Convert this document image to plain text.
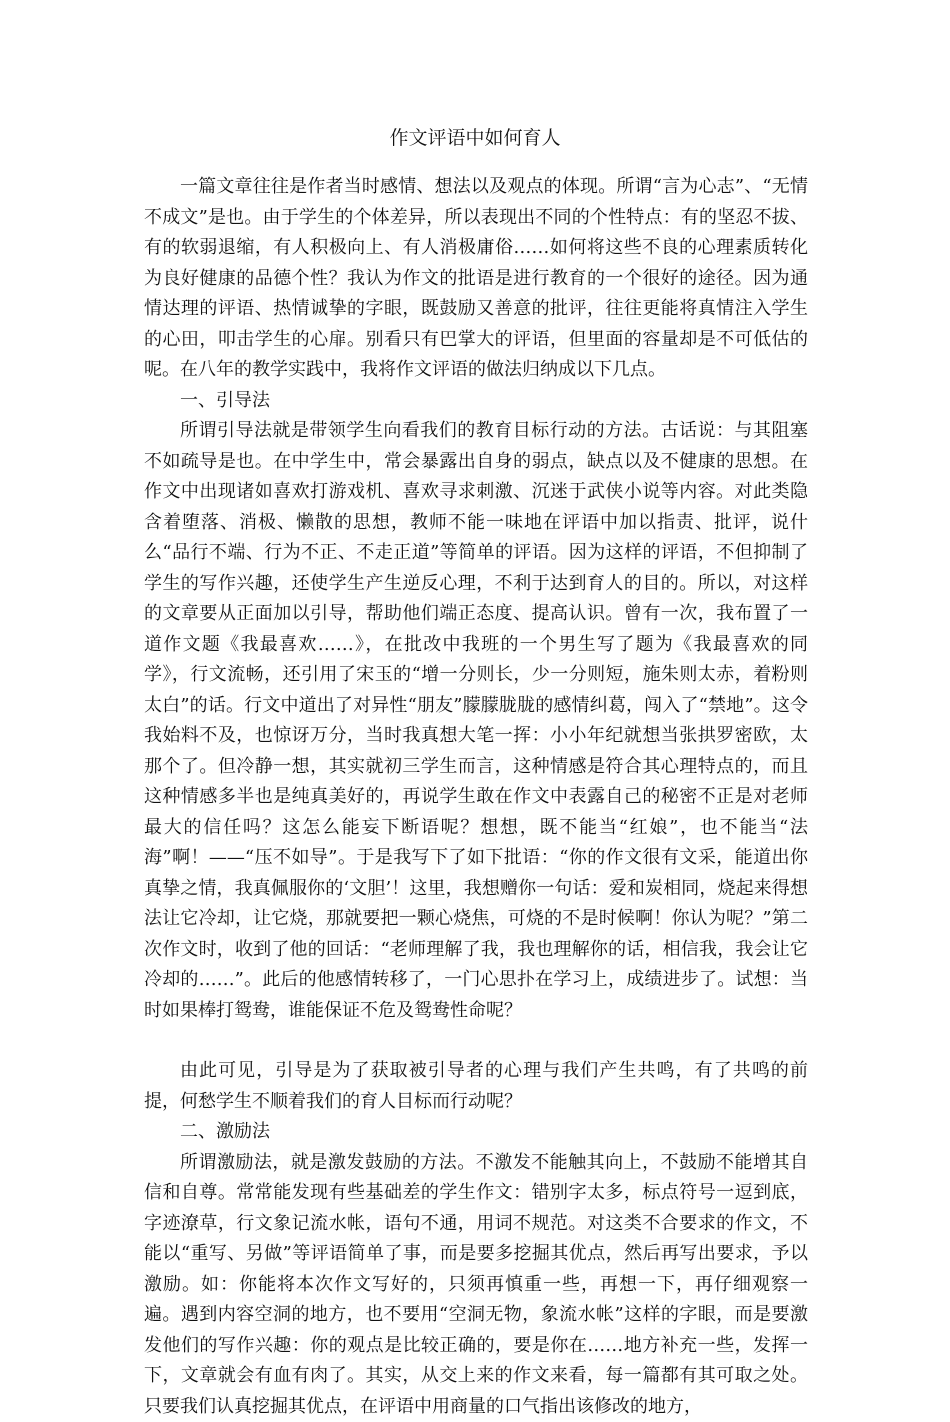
作文评语中如何育人

一篇文章往往是作者当时感情、想法以及观点的体现。所谓“言为心志”、“无情不成文”是也。由于学生的个体差异，所以表现出不同的个性特点：有的坚忍不拔、有的软弱退缩，有人积极向上、有人消极庸俗……如何将这些不良的心理素质转化为良好健康的品德个性？我认为作文的批语是进行教育的一个很好的途径。因为通情达理的评语、热情诚挚的字眼，既鼓励又善意的批评，往往更能将真情注入学生的心田，叩击学生的心扉。别看只有巴掌大的评语，但里面的容量却是不可低估的呢。在八年的教学实践中，我将作文评语的做法归纳成以下几点。

一、引导法

所谓引导法就是带领学生向看我们的教育目标行动的方法。古话说：与其阻塞不如疏导是也。在中学生中，常会暴露出自身的弱点，缺点以及不健康的思想。在作文中出现诸如喜欢打游戏机、喜欢寻求刺激、沉迷于武侠小说等内容。对此类隐含着堕落、消极、懒散的思想，教师不能一味地在评语中加以指责、批评，说什么“品行不端、行为不正、不走正道”等简单的评语。因为这样的评语，不但抑制了学生的写作兴趣，还使学生产生逆反心理，不利于达到育人的目的。所以，对这样的文章要从正面加以引导，帮助他们端正态度、提高认识。曾有一次，我布置了一道作文题《我最喜欢……》，在批改中我班的一个男生写了题为《我最喜欢的同学》，行文流畅，还引用了宋玉的“增一分则长，少一分则短，施朱则太赤，着粉则太白”的话。行文中道出了对异性“朋友”朦朦胧胧的感情纠葛，闯入了“禁地”。这令我始料不及，也惊讶万分，当时我真想大笔一挥：小小年纪就想当张拱罗密欧，太那个了。但冷静一想，其实就初三学生而言，这种情感是符合其心理特点的，而且这种情感多半也是纯真美好的，再说学生敢在作文中表露自己的秘密不正是对老师最大的信任吗？这怎么能妄下断语呢？想想，既不能当“红娘”，也不能当“法海”啊！——“压不如导”。于是我写下了如下批语：“你的作文很有文采，能道出你真挚之情，我真佩服你的‘文胆’！这里，我想赠你一句话：爱和炭相同，烧起来得想法让它冷却，让它烧，那就要把一颗心烧焦，可烧的不是时候啊！你认为呢？”第二次作文时，收到了他的回话：“老师理解了我，我也理解你的话，相信我，我会让它冷却的……”。此后的他感情转移了，一门心思扑在学习上，成绩进步了。试想：当时如果棒打鸳鸯，谁能保证不危及鸳鸯性命呢？

由此可见，引导是为了获取被引导者的心理与我们产生共鸣，有了共鸣的前提，何愁学生不顺着我们的育人目标而行动呢？

二、激励法

所谓激励法，就是激发鼓励的方法。不激发不能触其向上，不鼓励不能增其自信和自尊。常常能发现有些基础差的学生作文：错别字太多，标点符号一逗到底，字迹潦草，行文象记流水帐，语句不通，用词不规范。对这类不合要求的作文，不能以“重写、另做”等评语简单了事，而是要多挖掘其优点，然后再写出要求，予以激励。如：你能将本次作文写好的，只须再慎重一些，再想一下，再仔细观察一遍。遇到内容空洞的地方，也不要用“空洞无物，象流水帐”这样的字眼，而是要激发他们的写作兴趣：你的观点是比较正确的，要是你在……地方补充一些，发挥一下，文章就会有血有肉了。其实，从交上来的作文来看，每一篇都有其可取之处。只要我们认真挖掘其优点，在评语中用商量的口气指出该修改的地方，
